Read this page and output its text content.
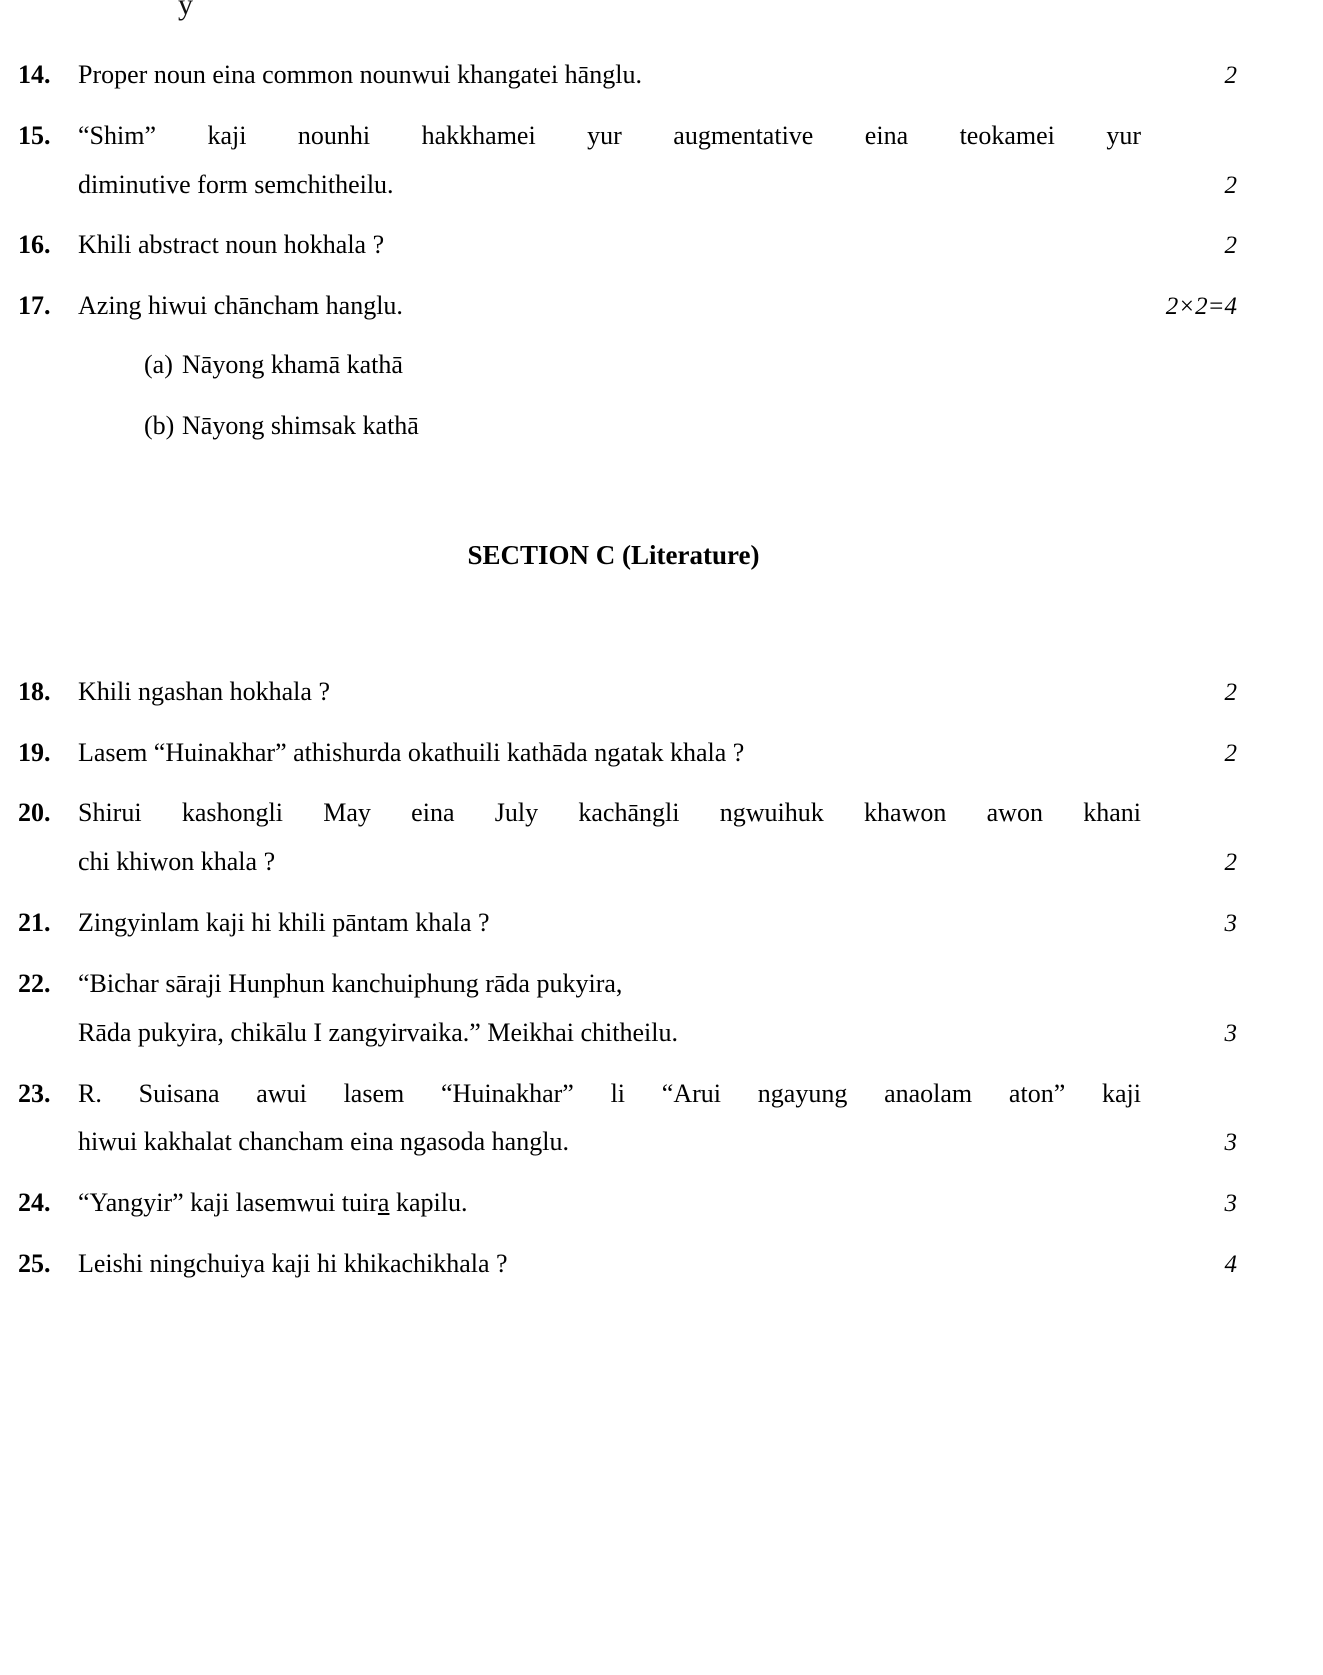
y
14.	Proper noun eina common nounwui khangatei hānglu.	2
15.	“Shim” kaji nounhi hakkhamei yur augmentative eina teokamei yur
diminutive form semchitheilu.	2
16.	Khili abstract noun hokhala ?	2
17.	Azing hiwui chāncham hanglu.	2×2=4
(a) Nāyong khamā kathā
(b) Nāyong shimsak kathā
SECTION C (Literature)
18.	Khili ngashan hokhala ?	2
19.	Lasem “Huinakhar” athishurda okathuili kathāda ngatak khala ?	2
20.	Shirui kashongli May eina July kachāngli ngwuihuk khawon awon khani
chi khiwon khala ?	2
21.	Zingyinlam kaji hi khili pāntam khala ?	3
22.	“Bichar sāraji Hunphun kanchuiphung rāda pukyira,
Rāda pukyira, chikālu I zangyirvaika.” Meikhai chitheilu.	3
23.	R. Suisana awui lasem “Huinakhar” li “Arui ngayung anaolam aton” kaji
hiwui kakhalat chancham eina ngasoda hanglu.	3
24.	“Yangyir” kaji lasemwui tuira kapilu.	3
25.	Leishi ningchuiya kaji hi khikachikhala ?	4
